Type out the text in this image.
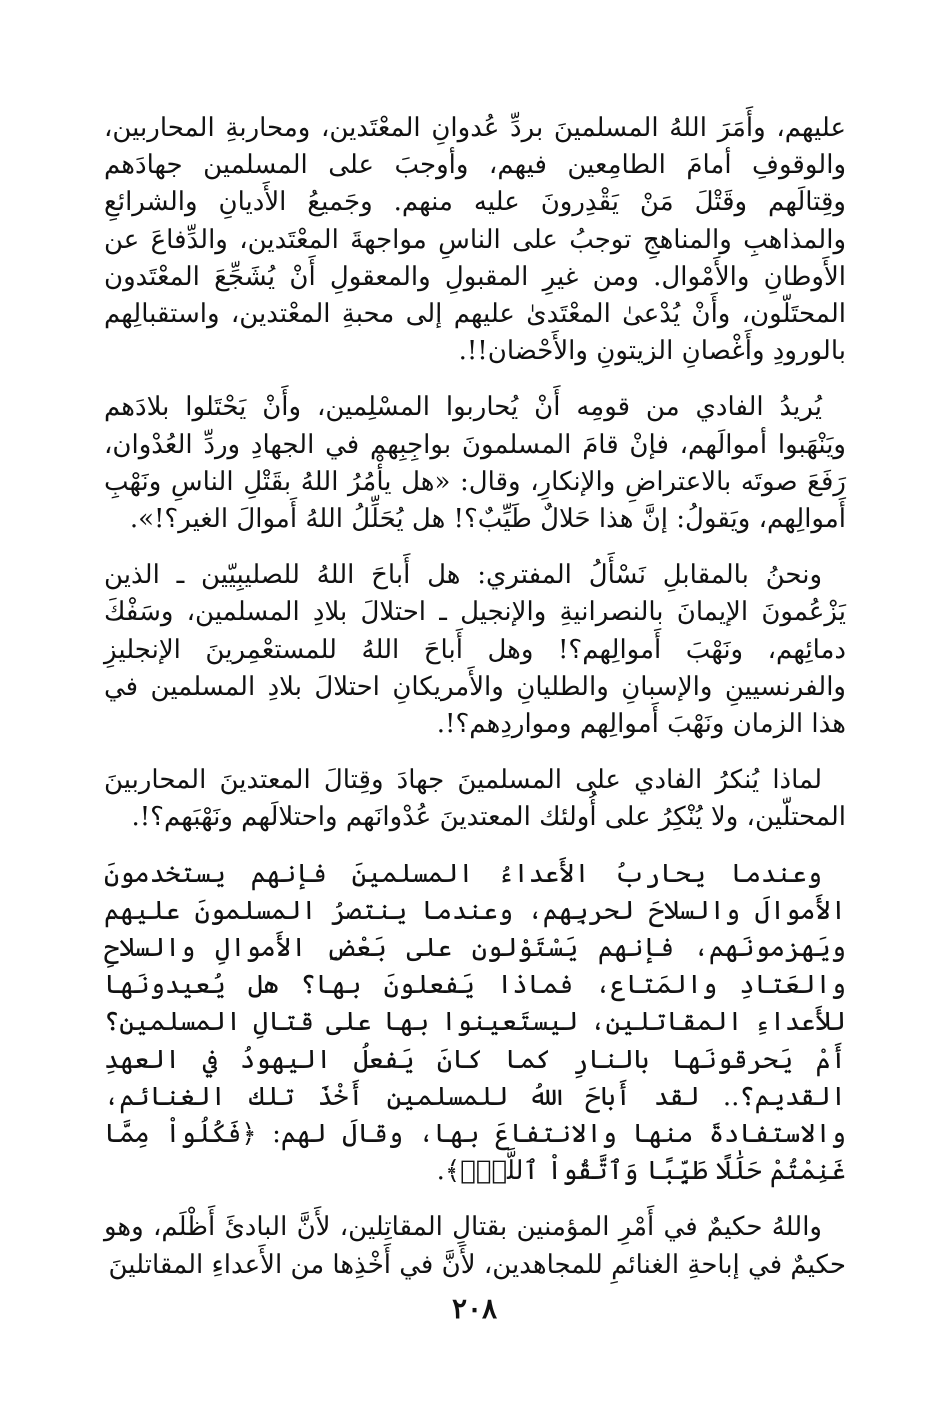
عليهم، وأَمَرَ اللهُ المسلمينَ بردِّ عُدوانِ المعْتَدين، ومحاربةِ المحاربين، والوقوفِ أمامَ الطامِعين فيهم، وأوجبَ على المسلمين جهادَهم وقِتالَهم وقَتْلَ مَنْ يَقْدِرونَ عليه منهم. وجَميعُ الأَديانِ والشرائعِ والمذاهبِ والمناهجِ توجبُ على الناسِ مواجهةَ المعْتَدين، والدِّفاعَ عن الأَوطانِ والأَمْوال. ومن غيرِ المقبولِ والمعقولِ أَنْ يُشَجِّعَ المعْتَدون المحتَلّون، وأَنْ يُدْعىٰ المعْتَدىٰ عليهم إلى محبةِ المعْتدين، واستقبالِهم بالورودِ وأَغْصانِ الزيتونِ والأَحْضان!!.

يُريدُ الفادي من قومِه أَنْ يُحاربوا المسْلِمين، وأَنْ يَحْتَلوا بلادَهم ويَنْهَبوا أموالَهم، فإنْ قامَ المسلمونَ بواجِبِهم في الجهادِ وردِّ العُدْوان، رَفَعَ صوتَه بالاعتراضِ والإنكارِ، وقال: «هل يأْمُرُ اللهُ بقَتْلِ الناسِ ونَهْبِ أَموالِهم، ويَقولُ: إنَّ هذا حَلالٌ طَيِّبٌ؟! هل يُحَلِّلُ اللهُ أَموالَ الغير؟!».

ونحنُ بالمقابلِ نَسْأَلُ المفتري: هل أَباحَ اللهُ للصليبِيّين ـ الذين يَزْعُمونَ الإيمانَ بالنصرانيةِ والإنجيل ـ احتلالَ بلادِ المسلمين، وسَفْكَ دمائِهم، ونَهْبَ أَموالِهم؟! وهل أَباحَ اللهُ للمستعْمِرينَ الإنجليزِ والفرنسيينِ والإسبانِ والطليانِ والأَمريكانِ احتلالَ بلادِ المسلمين في هذا الزمان ونَهْبَ أَموالِهم ومواردِهم؟!.

لماذا يُنكرُ الفادي على المسلمينَ جهادَ وقِتالَ المعتدينَ المحاربينَ المحتلّين، ولا يُنْكِرُ على أُولئك المعتدينَ عُدْوانَهم واحتلالَهم ونَهْبَهم؟!.

وعندما يحاربُ الأَعداءُ المسلمينَ فإنهم يستخدمونَ الأَموالَ والسلاحَ لحربِهم، وعندما ينتصرُ المسلمونَ عليهم ويَهزمونَهم، فإنهم يَسْتَوْلون على بَعْضِ الأَموالِ والسلاحِ والعَتادِ والمَتاع، فماذا يَفعلونَ بها؟ هل يُعيدونَها للأَعداءِ المقاتلين، ليستَعينوا بها على قتالِ المسلمين؟ أَمْ يَحرقونَها بالنارِ كما كانَ يَفعلُ اليهودُ في العهدِ القديم؟.. لقد أَباحَ اللهُ للمسلمين أَخْذَ تلك الغنائم، والاستفادةَ منها والانتفاعَ بها، وقالَ لهم: ﴿فَكُلُواْ مِمَّا غَنِمْتُمْ حَلَٰلًا طَيِّبًا وَٱتَّقُواْ ٱللَّهَۚ﴾.

واللهُ حكيمٌ في أَمْرِ المؤمنين بقتالِ المقاتِلين، لأَنَّ البادئَ أَظْلَم، وهو حكيمٌ في إباحةِ الغنائمِ للمجاهدين، لأَنَّ في أَخْذِها من الأَعداءِ المقاتلينَ

٢٠٨
